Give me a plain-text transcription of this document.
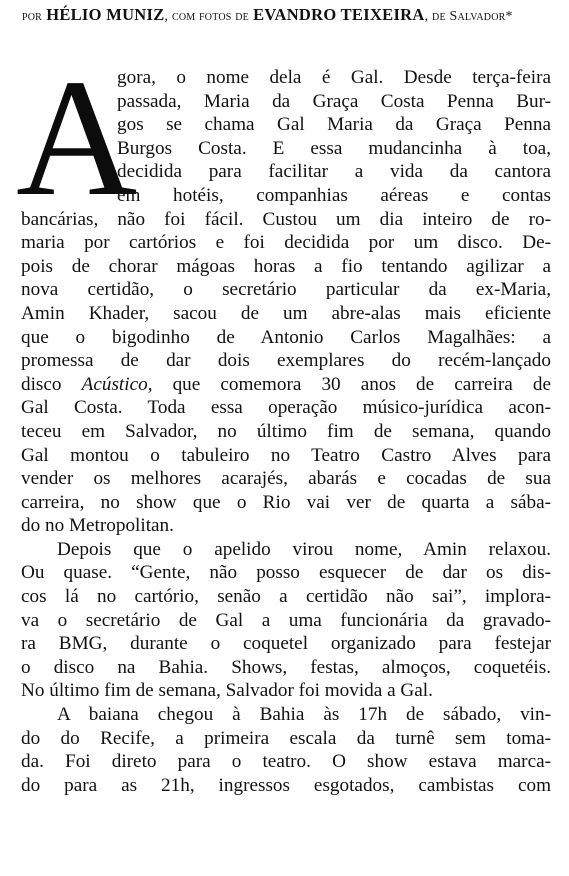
por HÉLIO MUNIZ, com fotos de EVANDRO TEIXEIRA, de Salvador*
A
gora, o nome dela é Gal. Desde terça-feira
passada, Maria da Graça Costa Penna Bur-
gos se chama Gal Maria da Graça Penna
Burgos Costa. E essa mudancinha à toa,
decidida para facilitar a vida da cantora
em hotéis, companhias aéreas e contas
bancárias, não foi fácil. Custou um dia inteiro de ro-
maria por cartórios e foi decidida por um disco. De-
pois de chorar mágoas horas a fio tentando agilizar a
nova certidão, o secretário particular da ex-Maria,
Amin Khader, sacou de um abre-alas mais eficiente
que o bigodinho de Antonio Carlos Magalhães: a
promessa de dar dois exemplares do recém-lançado
disco Acústico, que comemora 30 anos de carreira de
Gal Costa. Toda essa operação músico-jurídica acon-
teceu em Salvador, no último fim de semana, quando
Gal montou o tabuleiro no Teatro Castro Alves para
vender os melhores acarajés, abarás e cocadas de sua
carreira, no show que o Rio vai ver de quarta a sába-
do no Metropolitan.
Depois que o apelido virou nome, Amin relaxou.
Ou quase. “Gente, não posso esquecer de dar os dis-
cos lá no cartório, senão a certidão não sai”, implora-
va o secretário de Gal a uma funcionária da gravado-
ra BMG, durante o coquetel organizado para festejar
o disco na Bahia. Shows, festas, almoços, coquetéis.
No último fim de semana, Salvador foi movida a Gal.
A baiana chegou à Bahia às 17h de sábado, vin-
do do Recife, a primeira escala da turnê sem toma-
da. Foi direto para o teatro. O show estava marca-
do para as 21h, ingressos esgotados, cambistas com
